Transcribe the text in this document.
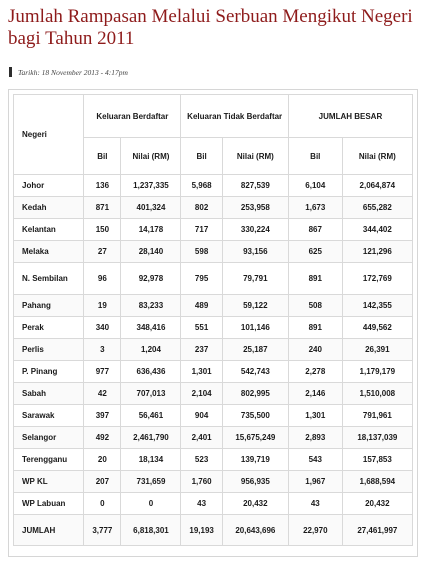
Jumlah Rampasan Melalui Serbuan Mengikut Negeri bagi Tahun 2011
Tarikh: 18 November 2013 - 4:17pm
Negeri	Keluaran Berdaftar		Keluaran Tidak Berdaftar		JUMLAH BESAR	
	Bil	Nilai (RM)	Bil	Nilai (RM)	Bil	Nilai (RM)
Johor	136	1,237,335	5,968	827,539	6,104	2,064,874
Kedah	871	401,324	802	253,958	1,673	655,282
Kelantan	150	14,178	717	330,224	867	344,402
Melaka	27	28,140	598	93,156	625	121,296
N. Sembilan	96	92,978	795	79,791	891	172,769
Pahang	19	83,233	489	59,122	508	142,355
Perak	340	348,416	551	101,146	891	449,562
Perlis	3	1,204	237	25,187	240	26,391
P. Pinang	977	636,436	1,301	542,743	2,278	1,179,179
Sabah	42	707,013	2,104	802,995	2,146	1,510,008
Sarawak	397	56,461	904	735,500	1,301	791,961
Selangor	492	2,461,790	2,401	15,675,249	2,893	18,137,039
Terengganu	20	18,134	523	139,719	543	157,853
WP KL	207	731,659	1,760	956,935	1,967	1,688,594
WP Labuan	0	0	43	20,432	43	20,432
JUMLAH	3,777	6,818,301	19,193	20,643,696	22,970	27,461,997
